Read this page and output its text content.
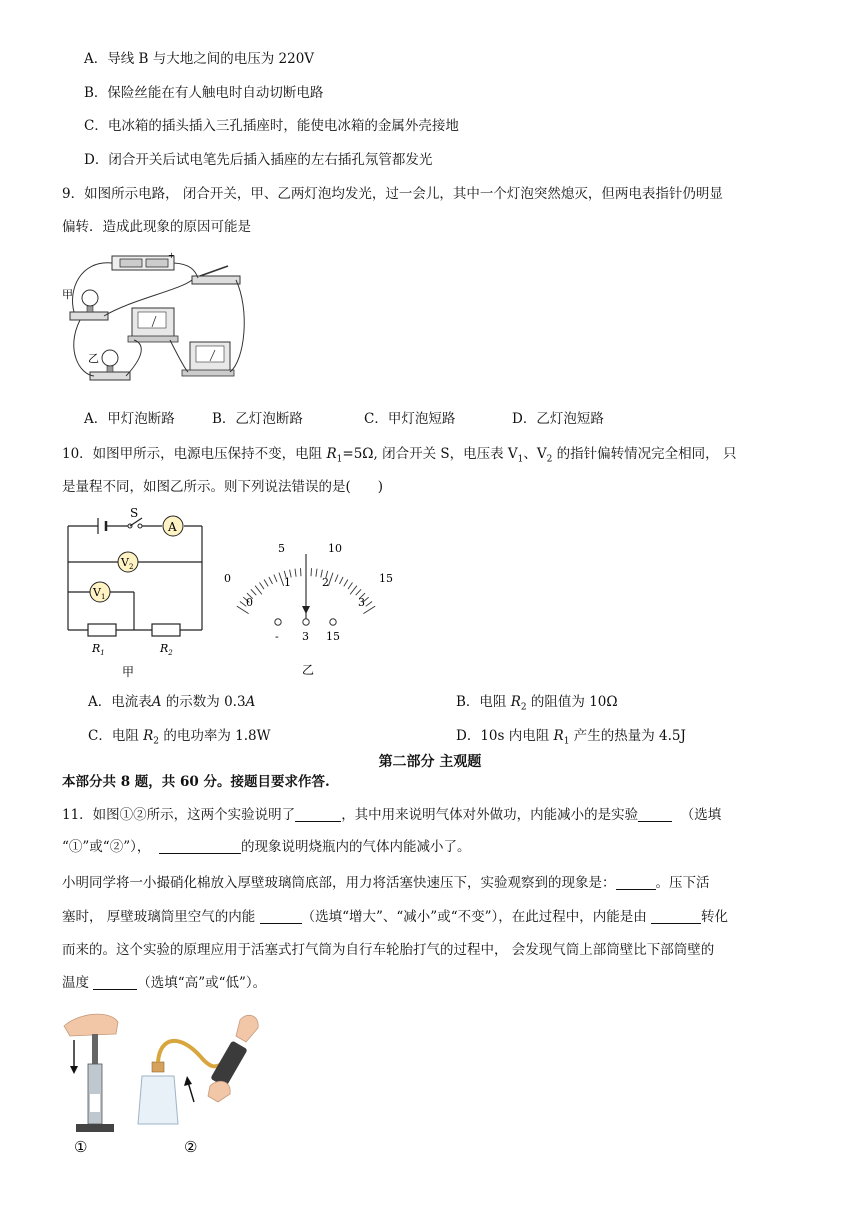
A．导线 B 与大地之间的电压为 220V
B．保险丝能在有人触电时自动切断电路
C．电冰箱的插头插入三孔插座时，能使电冰箱的金属外壳接地
D．闭合开关后试电笔先后插入插座的左右插孔氖管都发光
9．如图所示电路， 闭合开关，甲、乙两灯泡均发光，过一会儿，其中一个灯泡突然熄灭，但两电表指针仍明显
偏转．造成此现象的原因可能是
+
甲
乙
A．甲灯泡断路	B．乙灯泡断路	C．甲灯泡短路	D．乙灯泡短路
10．如图甲所示，电源电压保持不变，电阻 $R_1=5\Omega$, 闭合开关 S，电压表 $V_1$、$V_2$ 的指针偏转情况完全相同， 只
是量程不同，如图乙所示。则下列说法错误的是(　　)
S
A
$V_2$
$V_1$
$R_1$	$R_2$
甲
0
5	10
15
0
1	2
3
- 3 15
乙
A．电流表A 的示数为 0.3A	B．电阻 $R_2$ 的阻值为 10Ω
C．电阻 $R_2$ 的电功率为 1.8W	D．10s 内电阻 $R_1$ 产生的热量为 4.5J
第二部分 主观题
本部分共 8 题，共 60 分。接题目要求作答.
11．如图①②所示，这两个实验说明了	，其中用来说明气体对外做功，内能减小的是实验	（选填
“①”或“②”），	的现象说明烧瓶内的气体内能减小了。
小明同学将一小撮硝化棉放入厚壁玻璃筒底部，用力将活塞快速压下，实验观察到的现象是：	。压下活
塞时， 厚壁玻璃筒里空气的内能	（选填“增大”、“减小”或“不变”），在此过程中，内能是由	转化
而来的。这个实验的原理应用于活塞式打气筒为自行车轮胎打气的过程中， 会发现气筒上部筒壁比下部筒壁的
温度	（选填“高”或“低”）。
①	②
